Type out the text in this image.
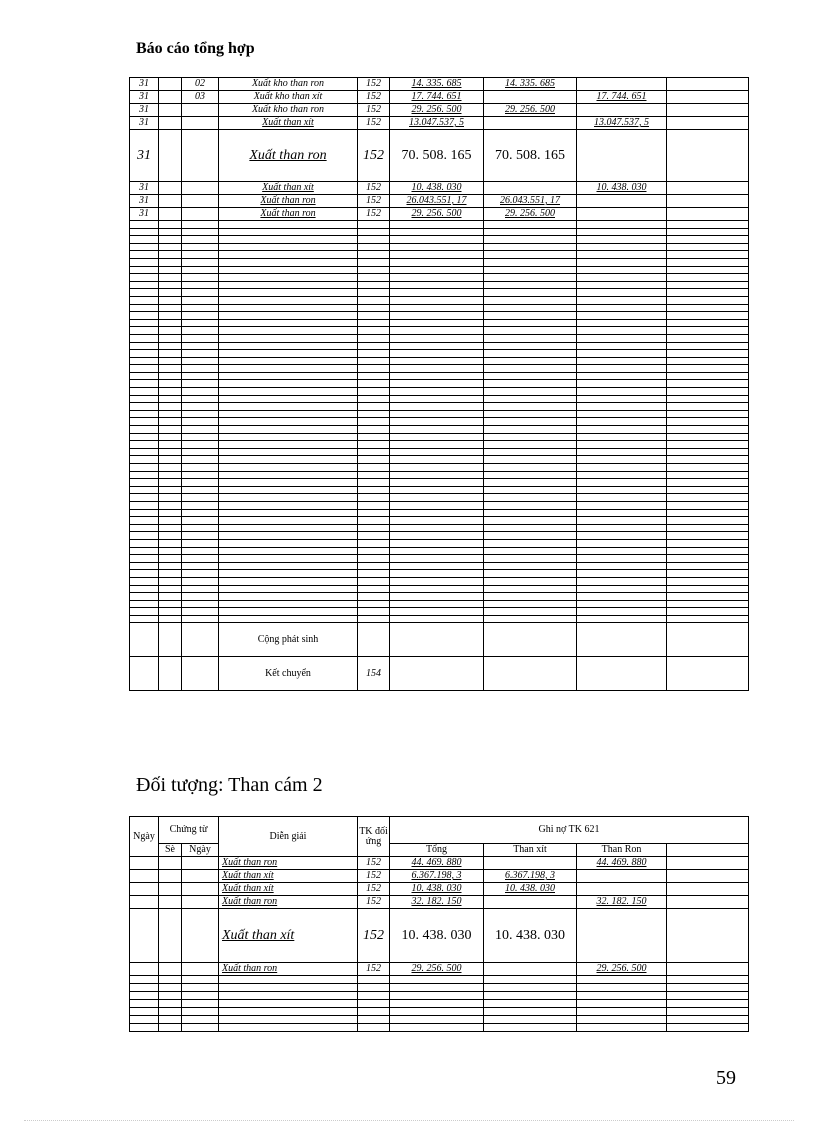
Báo cáo tổng hợp
31		02	Xuất kho than ron	152	14. 335. 685	14. 335. 685		
31		03	Xuất kho than xít	152	17. 744. 651		17. 744. 651	
31			Xuất kho than ron	152	29. 256. 500	29. 256. 500		
31			Xuất than xít	152	13.047.537, 5		13.047.537, 5	
31			Xuất than ron	152	70. 508. 165	70. 508. 165		
31			Xuất than xít	152	10. 438. 030		10. 438. 030	
31			Xuất than ron	152	26.043.551, 17	26.043.551, 17		
31			Xuất than ron	152	29. 256. 500	29. 256. 500		

			Cộng phát sinh					
			Kết chuyển	154				
Đối tượng: Than cám 2
Ngày	Chứng từ		Diễn giải	TK đối ứng	Ghi nợ TK 621			
	Sè	Ngày			Tổng	Than xít	Than Ron	
			Xuất than ron	152	44. 469. 880		44. 469. 880	
			Xuất than xít	152	6.367.198, 3	6.367.198, 3		
			Xuất than xít	152	10. 438. 030	10. 438. 030		
			Xuất than ron	152	32. 182. 150		32. 182. 150	
			Xuất than xít	152	10. 438. 030	10. 438. 030		
			Xuất than ron	152	29. 256. 500		29. 256. 500	

59
